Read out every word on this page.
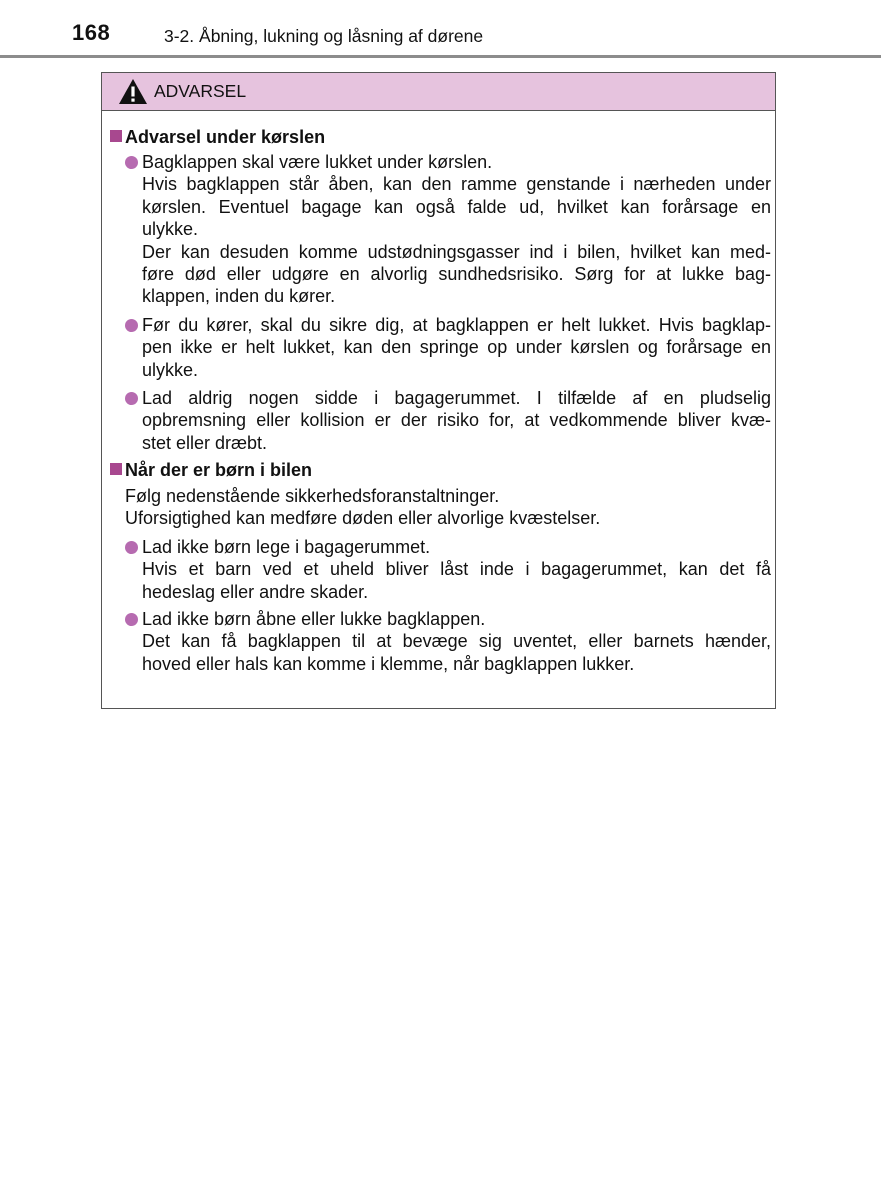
168	3-2. Åbning, lukning og låsning af dørene
ADVARSEL
Advarsel under kørslen
Bagklappen skal være lukket under kørslen.
Hvis bagklappen står åben, kan den ramme genstande i nærheden under
kørslen. Eventuel bagage kan også falde ud, hvilket kan forårsage en
ulykke.
Der kan desuden komme udstødningsgasser ind i bilen, hvilket kan med-
føre død eller udgøre en alvorlig sundhedsrisiko. Sørg for at lukke bag-
klappen, inden du kører.
Før du kører, skal du sikre dig, at bagklappen er helt lukket. Hvis bagklap-
pen ikke er helt lukket, kan den springe op under kørslen og forårsage en
ulykke.
Lad aldrig nogen sidde i bagagerummet. I tilfælde af en pludselig
opbremsning eller kollision er der risiko for, at vedkommende bliver kvæ-
stet eller dræbt.
Når der er børn i bilen
Følg nedenstående sikkerhedsforanstaltninger.
Uforsigtighed kan medføre døden eller alvorlige kvæstelser.
Lad ikke børn lege i bagagerummet.
Hvis et barn ved et uheld bliver låst inde i bagagerummet, kan det få
hedeslag eller andre skader.
Lad ikke børn åbne eller lukke bagklappen.
Det kan få bagklappen til at bevæge sig uventet, eller barnets hænder,
hoved eller hals kan komme i klemme, når bagklappen lukker.
